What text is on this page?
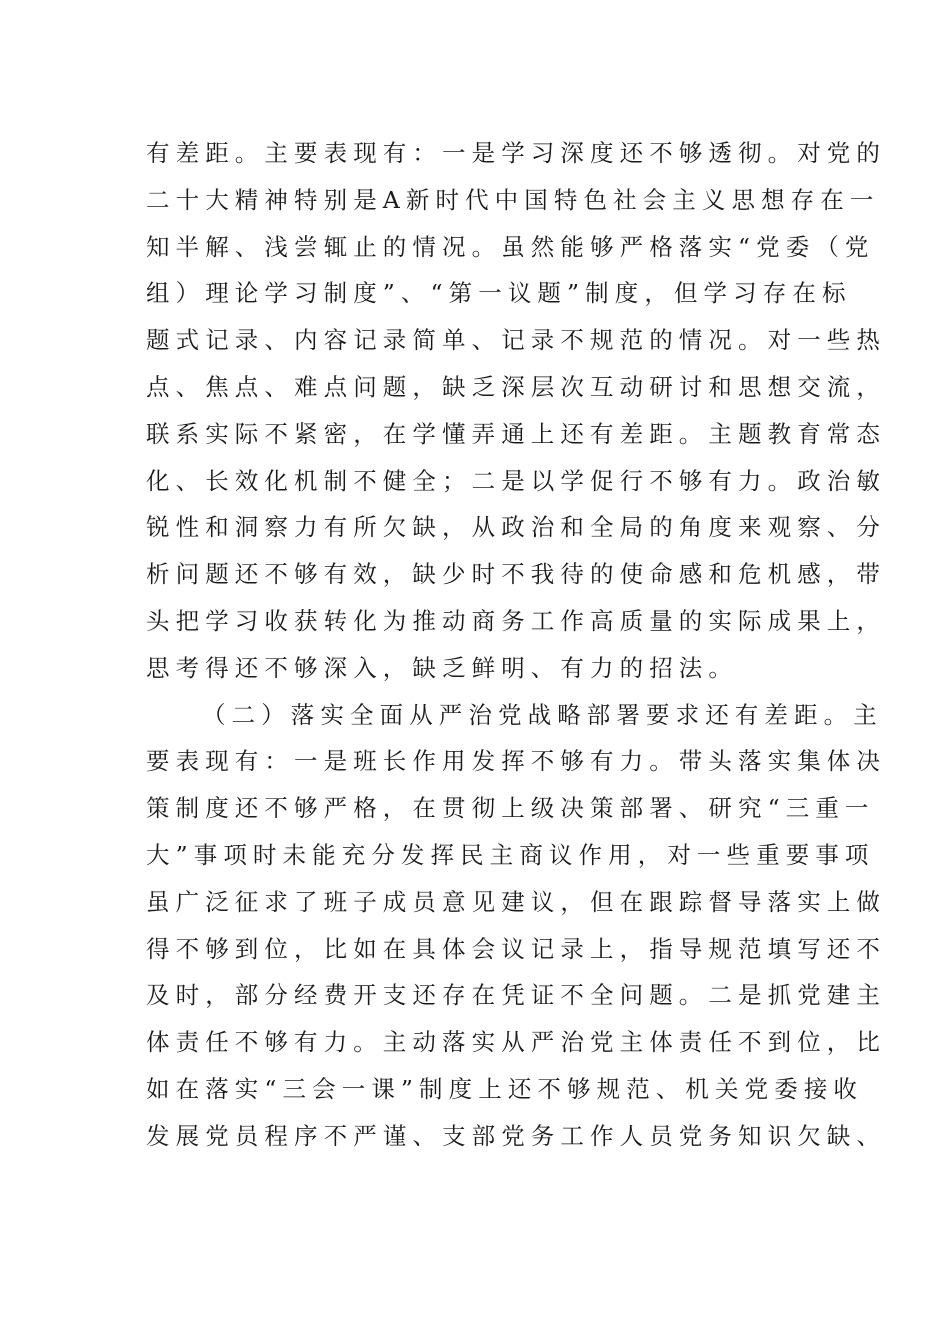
有差距。主要表现有：一是学习深度还不够透彻。对党的
二十大精神特别是A新时代中国特色社会主义思想存在一
知半解、浅尝辄止的情况。虽然能够严格落实“党委（党
组）理论学习制度”、“第一议题”制度，但学习存在标
题式记录、内容记录简单、记录不规范的情况。对一些热
点、焦点、难点问题，缺乏深层次互动研讨和思想交流，
联系实际不紧密，在学懂弄通上还有差距。主题教育常态
化、长效化机制不健全；二是以学促行不够有力。政治敏
锐性和洞察力有所欠缺，从政治和全局的角度来观察、分
析问题还不够有效，缺少时不我待的使命感和危机感，带
头把学习收获转化为推动商务工作高质量的实际成果上，
思考得还不够深入，缺乏鲜明、有力的招法。
（二）落实全面从严治党战略部署要求还有差距。主
要表现有：一是班长作用发挥不够有力。带头落实集体决
策制度还不够严格，在贯彻上级决策部署、研究“三重一
大”事项时未能充分发挥民主商议作用，对一些重要事项
虽广泛征求了班子成员意见建议，但在跟踪督导落实上做
得不够到位，比如在具体会议记录上，指导规范填写还不
及时，部分经费开支还存在凭证不全问题。二是抓党建主
体责任不够有力。主动落实从严治党主体责任不到位，比
如在落实“三会一课”制度上还不够规范、机关党委接收
发展党员程序不严谨、支部党务工作人员党务知识欠缺、
